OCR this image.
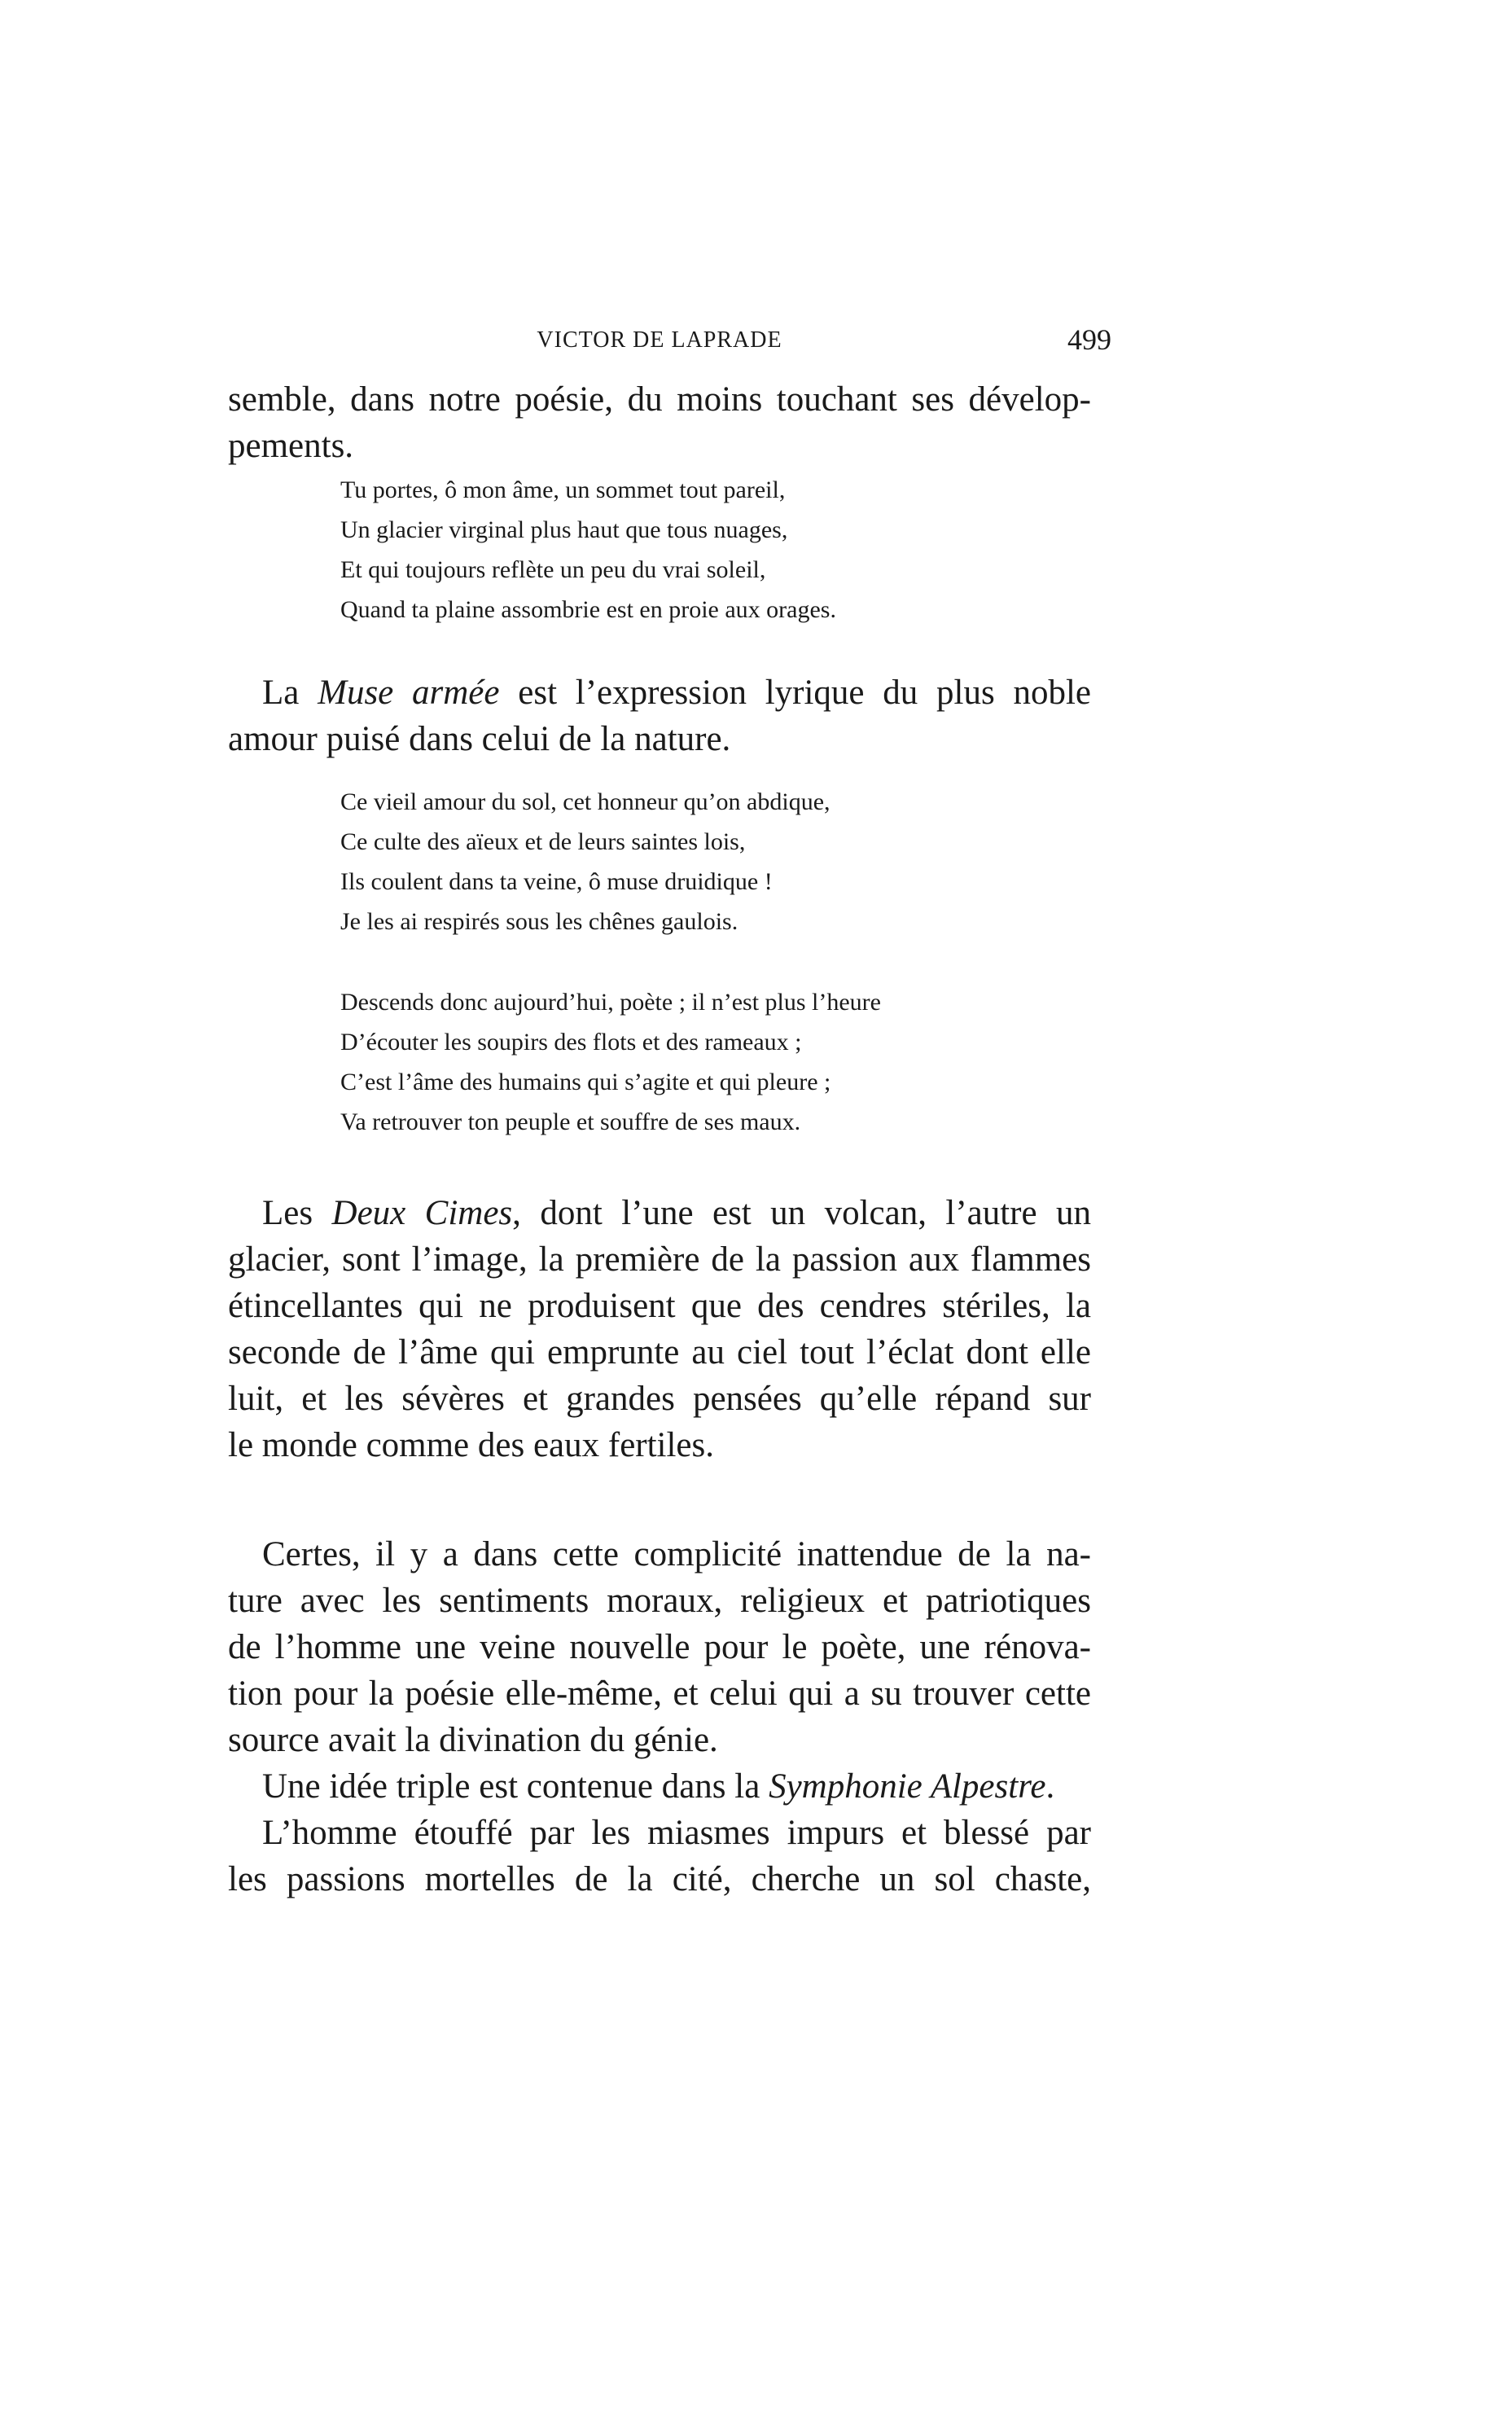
VICTOR DE LAPRADE	499

semble, dans notre poésie, du moins touchant ses dévelop-

pements.

Tu portes, ô mon âme, un sommet tout pareil,
Un glacier virginal plus haut que tous nuages,
Et qui toujours reflète un peu du vrai soleil,
Quand ta plaine assombrie est en proie aux orages.

La Muse armée est l’expression lyrique du plus noble

amour puisé dans celui de la nature.

Ce vieil amour du sol, cet honneur qu’on abdique,
Ce culte des aïeux et de leurs saintes lois,
Ils coulent dans ta veine, ô muse druidique !
Je les ai respirés sous les chênes gaulois.
Descends donc aujourd’hui, poète ; il n’est plus l’heure
D’écouter les soupirs des flots et des rameaux ;
C’est l’âme des humains qui s’agite et qui pleure ;
Va retrouver ton peuple et souffre de ses maux.

Les Deux Cimes, dont l’une est un volcan, l’autre un

glacier, sont l’image, la première de la passion aux flammes

étincellantes qui ne produisent que des cendres stériles, la

seconde de l’âme qui emprunte au ciel tout l’éclat dont elle

luit, et les sévères et grandes pensées qu’elle répand sur

le monde comme des eaux fertiles.

Certes, il y a dans cette complicité inattendue de la na-

ture avec les sentiments moraux, religieux et patriotiques

de l’homme une veine nouvelle pour le poète, une rénova-

tion pour la poésie elle-même, et celui qui a su trouver cette

source avait la divination du génie.

Une idée triple est contenue dans la Symphonie Alpestre.

L’homme étouffé par les miasmes impurs et blessé par

les passions mortelles de la cité, cherche un sol chaste,
